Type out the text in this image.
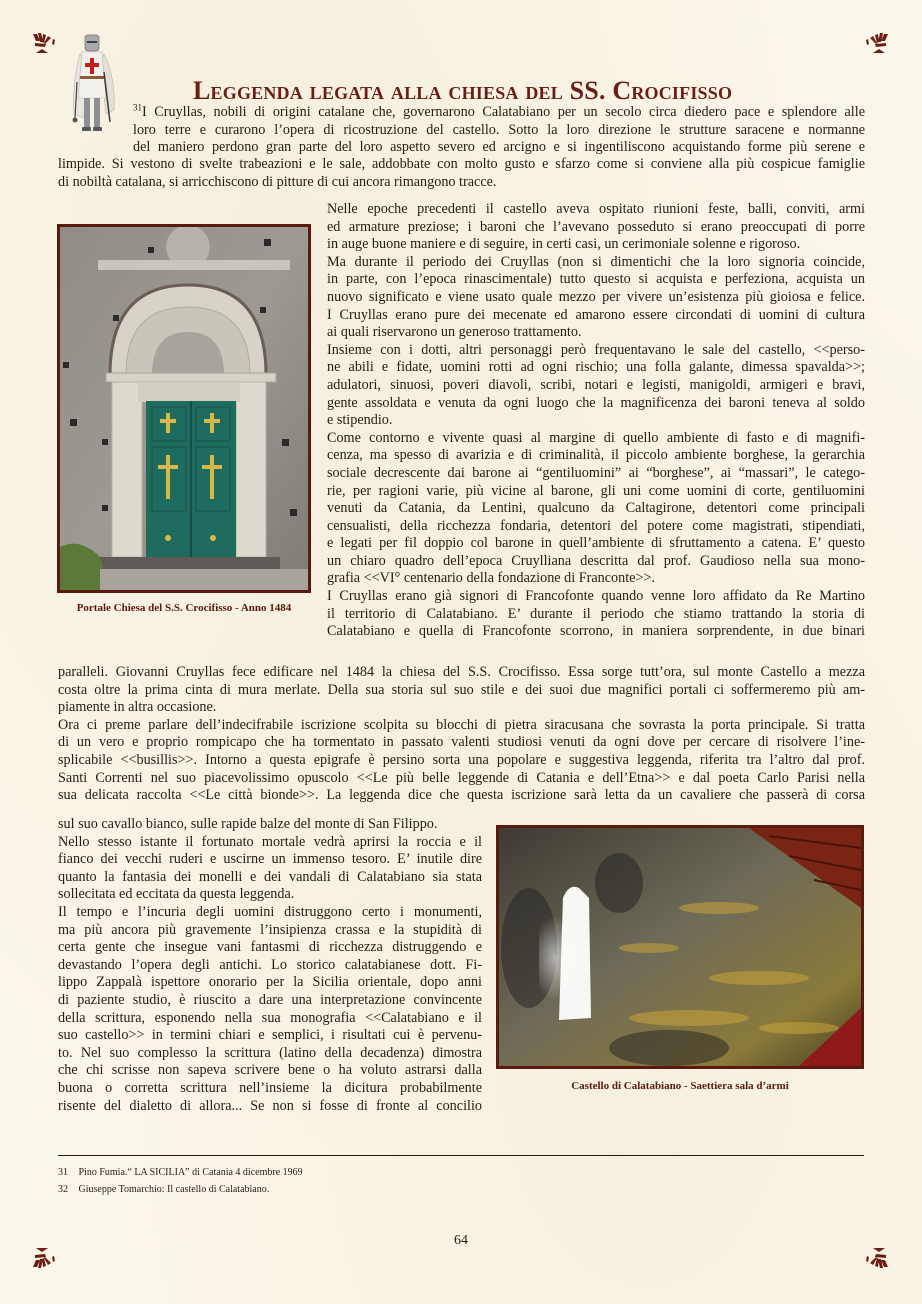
Leggenda legata alla chiesa del SS. Crocifisso
$^{31}$I Cruyllas, nobili di origini catalane che, governarono Calatabiano per un secolo circa diedero pace e splendore alle
loro terre e curarono l’opera di ricostruzione del castello. Sotto la loro direzione le strutture saracene e normanne
del maniero perdono gran parte del loro aspetto severo ed arcigno e si ingentiliscono acquistando forme più serene e
limpide. Si vestono di svelte trabeazioni e le sale, addobbate con molto gusto e sfarzo come si conviene alla più cospicue famiglie
di nobiltà catalana, si arricchiscono di pitture di cui ancora rimangono tracce.
Portale Chiesa del S.S. Crocifisso - Anno 1484
Nelle epoche precedenti il castello aveva ospitato riunioni feste, balli, conviti, armi
ed armature preziose; i baroni che l’avevano posseduto si erano preoccupati di porre
in auge buone maniere e di seguire, in certi casi, un cerimoniale solenne e rigoroso.
Ma durante il periodo dei Cruyllas (non si dimentichi che la loro signoria coincide,
in parte, con l’epoca rinascimentale) tutto questo si acquista e perfeziona, acquista un
nuovo significato e viene usato quale mezzo per vivere un’esistenza più gioiosa e felice.
I Cruyllas erano pure dei mecenate ed amarono essere circondati di uomini di cultura
ai quali riservarono un generoso trattamento.
Insieme con i dotti, altri personaggi però frequentavano le sale del castello, <<perso-
ne abili e fidate, uomini rotti ad ogni rischio; una folla galante, dimessa spavalda>>;
adulatori, sinuosi, poveri diavoli, scribi, notari e legisti, manigoldi, armigeri e bravi,
gente assoldata e venuta da ogni luogo che la magnificenza dei baroni teneva al soldo
e stipendio.
Come contorno e vivente quasi al margine di quello ambiente di fasto e di magnifi-
cenza, ma spesso di avarizia e di criminalità, il piccolo ambiente borghese, la gerarchia
sociale decrescente dai barone ai “gentiluomini” ai “borghese”, ai “massari”, le catego-
rie, per ragioni varie, più vicine al barone, gli uni come uomini di corte, gentiluomini
venuti da Catania, da Lentini, qualcuno da Caltagirone, detentori come principali
censualisti, della ricchezza fondaria, detentori del potere come magistrati, stipendiati,
e legati per fil doppio col barone in quell’ambiente di sfruttamento a catena. E’ questo
un chiaro quadro dell’epoca Cruylliana descritta dal prof. Gaudioso nella sua mono-
grafia <<VI° centenario della fondazione di Franconte>>.
I Cruyllas erano già signori di Francofonte quando venne loro affidato da Re Martino
il territorio di Calatabiano. E’ durante il periodo che stiamo trattando la storia di
Calatabiano e quella di Francofonte scorrono, in maniera sorprendente, in due binari
paralleli. Giovanni Cruyllas fece edificare nel 1484 la chiesa del S.S. Crocifisso. Essa sorge tutt’ora, sul monte Castello a mezza
costa oltre la prima cinta di mura merlate. Della sua storia sul suo stile e dei suoi due magnifici portali ci soffermeremo più am-
piamente in altra occasione.
Ora ci preme parlare dell’indecifrabile iscrizione scolpita su blocchi di pietra siracusana che sovrasta la porta principale. Si tratta
di un vero e proprio rompicapo che ha tormentato in passato valenti studiosi venuti da ogni dove per cercare di risolvere l’ine-
splicabile <<busillis>>. Intorno a questa epigrafe è persino sorta una popolare e suggestiva leggenda, riferita tra l’altro dal prof.
Santi Correnti nel suo piacevolissimo opuscolo <<Le più belle leggende di Catania e dell’Etna>> e dal poeta Carlo Parisi nella
sua delicata raccolta <<Le città bionde>>. La leggenda dice che questa iscrizione sarà letta da un cavaliere che passerà di corsa
sul suo cavallo bianco, sulle rapide balze del monte di San Filippo.
Nello stesso istante il fortunato mortale vedrà aprirsi la roccia e il
fianco dei vecchi ruderi e uscirne un immenso tesoro. E’ inutile dire
quanto la fantasia dei monelli e dei vandali di Calatabiano sia stata
sollecitata ed eccitata da questa leggenda.
Il tempo e l’incuria degli uomini distruggono certo i monumenti,
ma più ancora più gravemente l’insipienza crassa e la stupidità di
certa gente che insegue vani fantasmi di ricchezza distruggendo e
devastando l’opera degli antichi. Lo storico calatabianese dott. Fi-
lippo Zappalà ispettore onorario per la Sicilia orientale, dopo anni
di paziente studio, è riuscito a dare una interpretazione convincente
della scrittura, esponendo nella sua monografia <<Calatabiano e il
suo castello>> in termini chiari e semplici, i risultati cui è pervenu-
to. Nel suo complesso la scrittura (latino della decadenza) dimostra
che chi scrisse non sapeva scrivere bene o ha voluto astrarsi dalla
buona o corretta scrittura nell’insieme la dicitura probabilmente
risente del dialetto di allora... Se non si fosse di fronte al concilio
Castello di Calatabiano - Saettiera sala d’armi
31 Pino Fumia.“ LA SICILIA” di Catania 4 dicembre 1969
32 Giuseppe Tomarchio: Il castello di Calatabiano.
64
